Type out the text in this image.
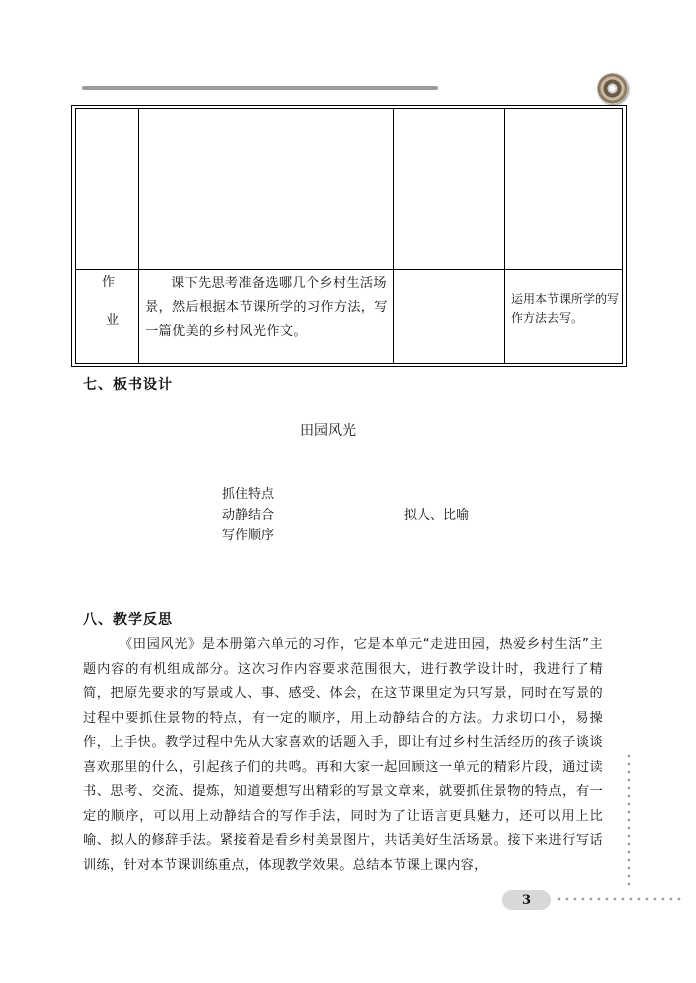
作
业
课下先思考准备选哪几个乡村生活场景，然后根据本节课所学的习作方法，写一篇优美的乡村风光作文。
运用本节课所学的写作方法去写。
七、板书设计
田园风光
抓住特点
动静结合
写作顺序
拟人、比喻
八、教学反思
《田园风光》是本册第六单元的习作，它是本单元“走进田园，热爱乡村生活”主题内容的有机组成部分。这次习作内容要求范围很大，进行教学设计时，我进行了精简，把原先要求的写景或人、事、感受、体会，在这节课里定为只写景，同时在写景的过程中要抓住景物的特点，有一定的顺序，用上动静结合的方法。力求切口小，易操作，上手快。教学过程中先从大家喜欢的话题入手，即让有过乡村生活经历的孩子谈谈喜欢那里的什么，引起孩子们的共鸣。再和大家一起回顾这一单元的精彩片段，通过读书、思考、交流、提炼，知道要想写出精彩的写景文章来，就要抓住景物的特点，有一定的顺序，可以用上动静结合的写作手法，同时为了让语言更具魅力，还可以用上比喻、拟人的修辞手法。紧接着是看乡村美景图片，共话美好生活场景。接下来进行写话训练，针对本节课训练重点，体现教学效果。总结本节课上课内容，
3
